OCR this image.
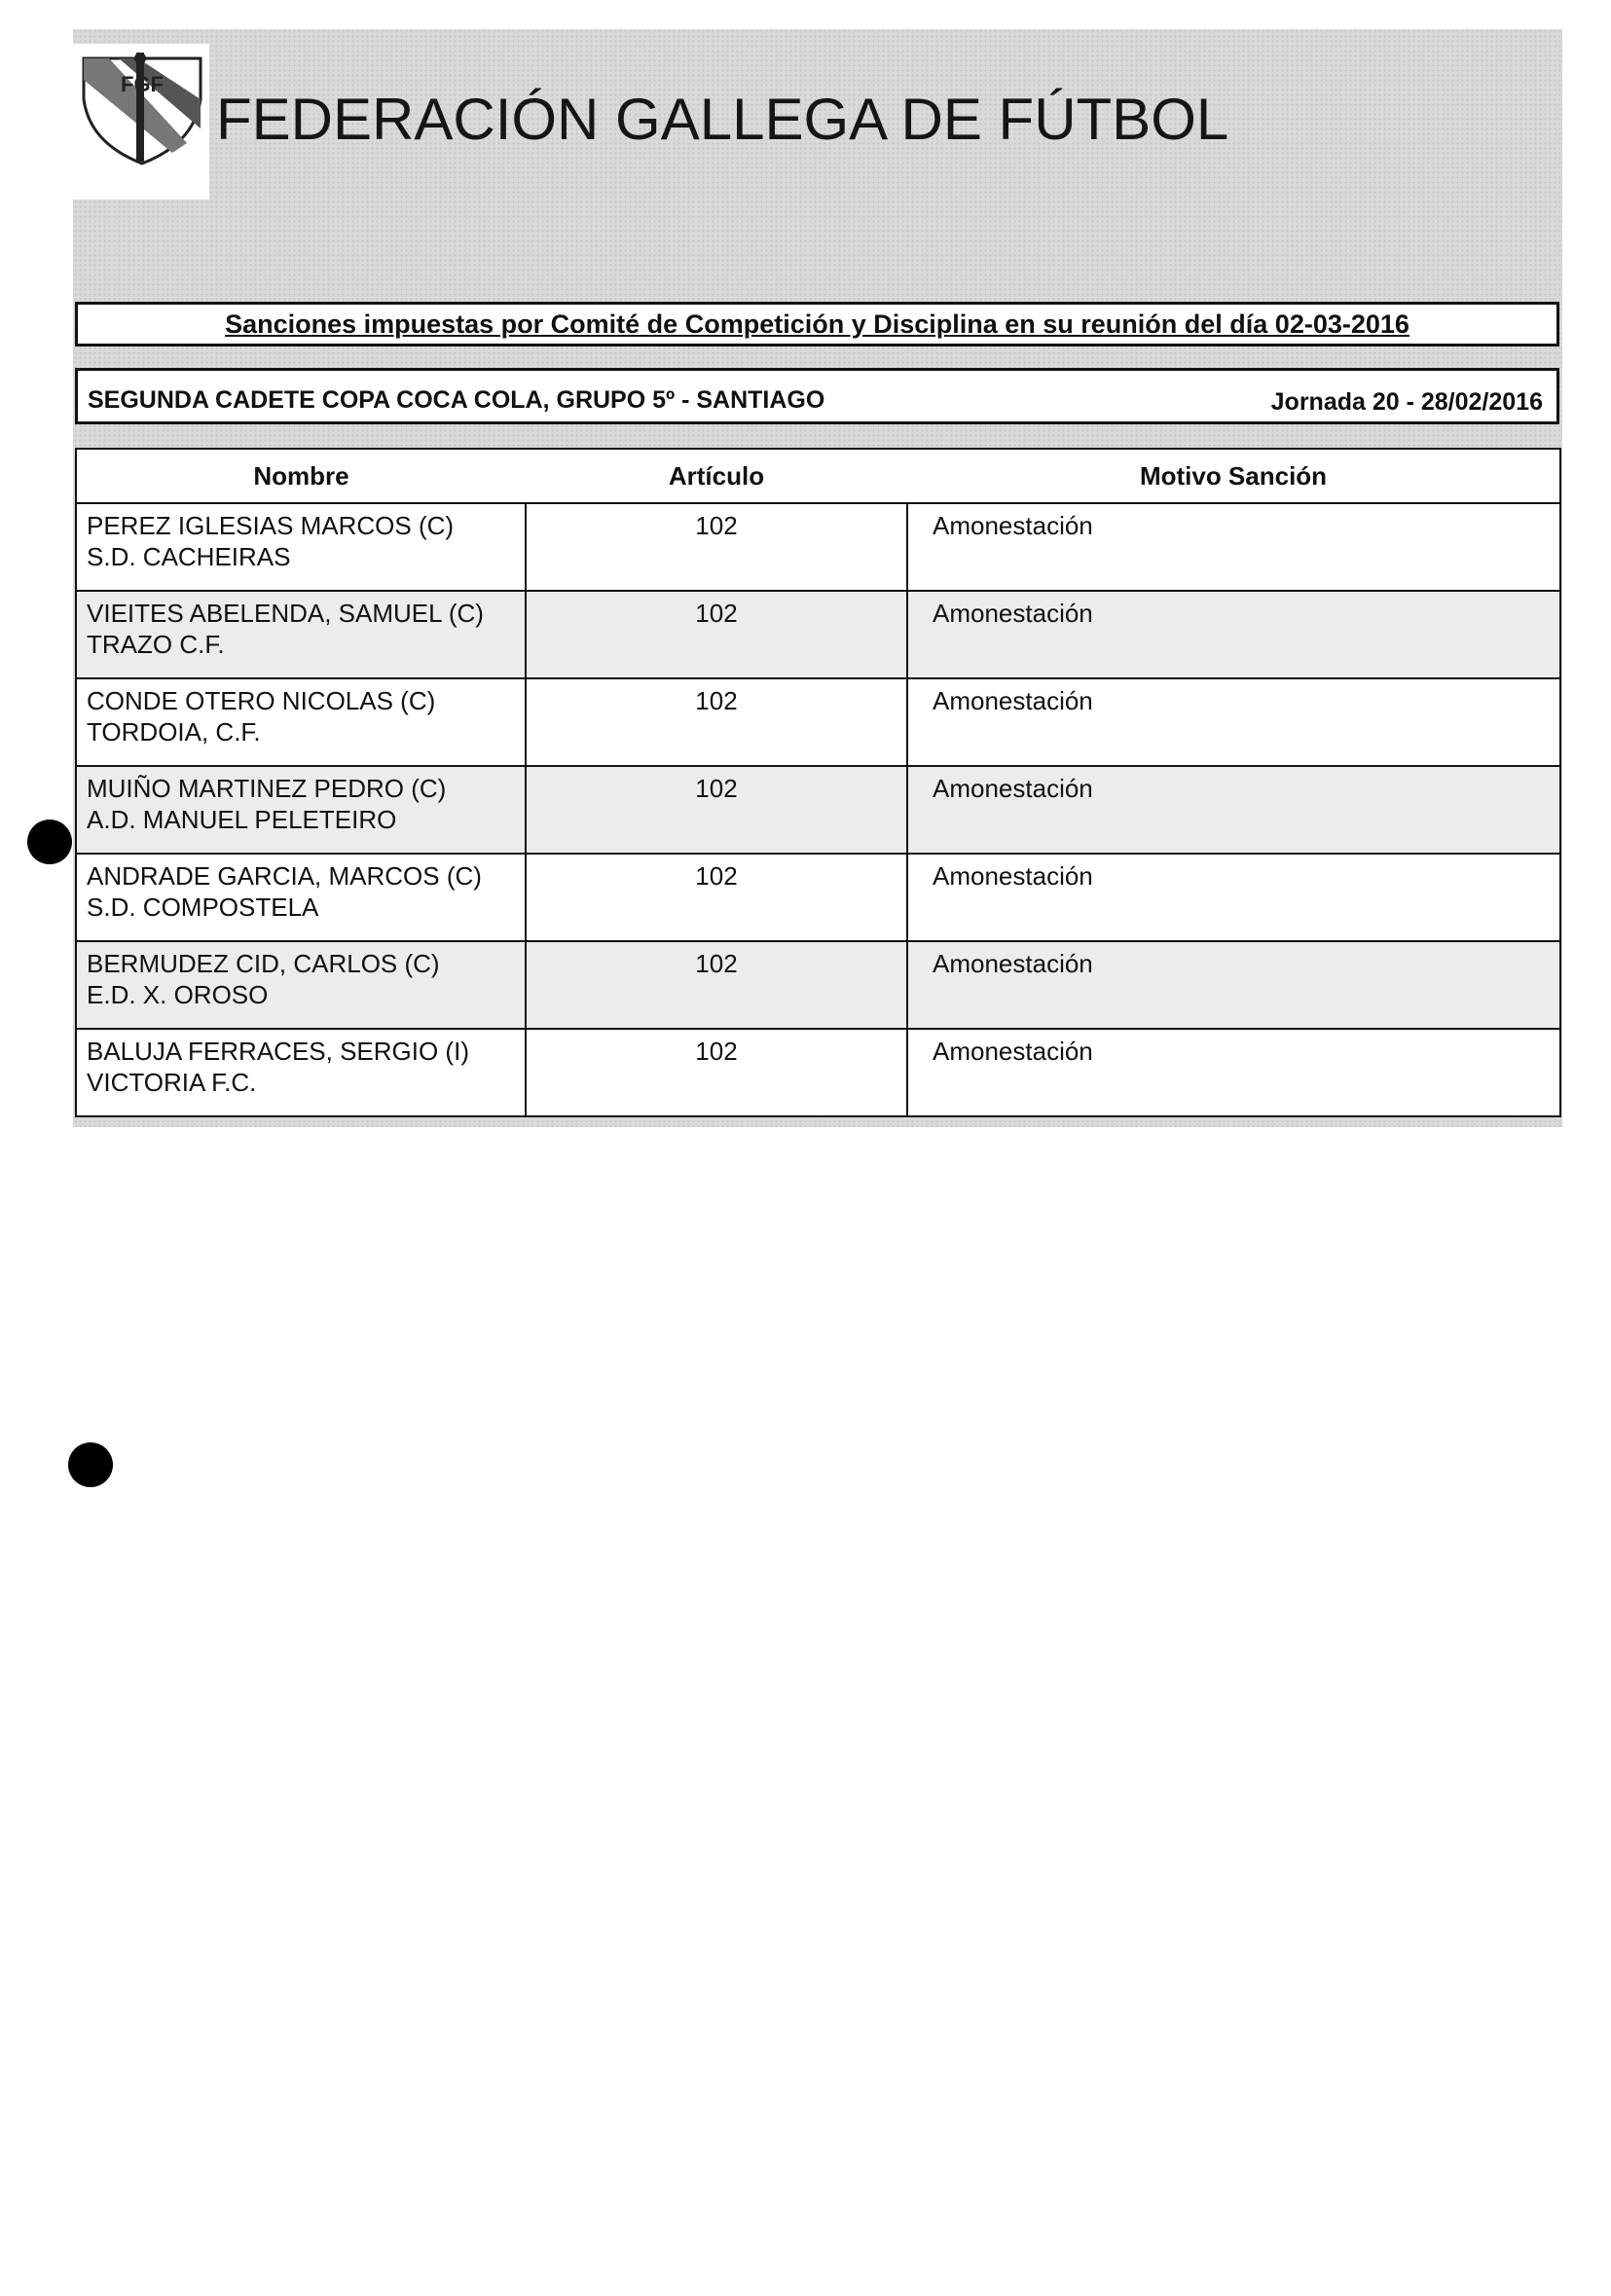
FGF
FEDERACIÓN GALLEGA DE FÚTBOL
Sanciones impuestas por Comité de Competición y Disciplina en su reunión del día 02-03-2016
SEGUNDA CADETE COPA COCA COLA, GRUPO 5º - SANTIAGO	Jornada 20 - 28/02/2016
Nombre	Artículo	Motivo Sanción

PEREZ IGLESIAS MARCOS (C)
S.D. CACHEIRAS	102	Amonestación

VIEITES ABELENDA, SAMUEL (C)
TRAZO C.F.	102	Amonestación

CONDE OTERO NICOLAS (C)
TORDOIA, C.F.	102	Amonestación

MUIÑO MARTINEZ PEDRO (C)
A.D. MANUEL PELETEIRO	102	Amonestación

ANDRADE GARCIA, MARCOS (C)
S.D. COMPOSTELA	102	Amonestación

BERMUDEZ CID, CARLOS (C)
E.D. X. OROSO	102	Amonestación

BALUJA FERRACES, SERGIO (I)
VICTORIA F.C.	102	Amonestación
